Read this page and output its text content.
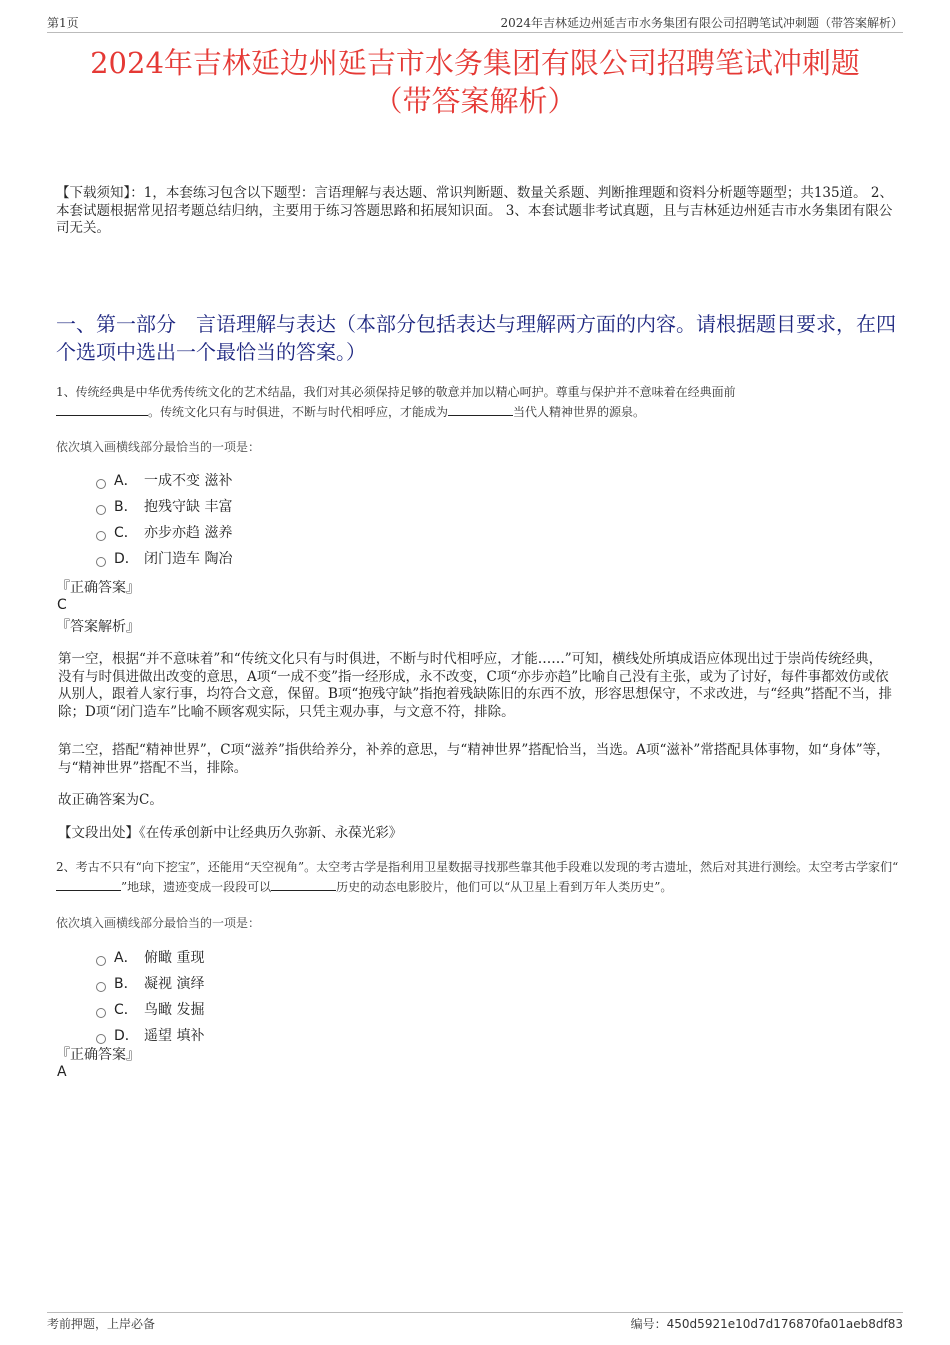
第1页	2024年吉林延边州延吉市水务集团有限公司招聘笔试冲刺题（带答案解析）
2024年吉林延边州延吉市水务集团有限公司招聘笔试冲刺题
（带答案解析）
【下载须知】：1，本套练习包含以下题型：言语理解与表达题、常识判断题、数量关系题、判断推理题和资料分析题等题型；共135道。 2、本套试题根据常见招考题总结归纳，主要用于练习答题思路和拓展知识面。 3、本套试题非考试真题，且与吉林延边州延吉市水务集团有限公司无关。
一、第一部分　言语理解与表达（本部分包括表达与理解两方面的内容。请根据题目要求，在四个选项中选出一个最恰当的答案。）
1、传统经典是中华优秀传统文化的艺术结晶，我们对其必须保持足够的敬意并加以精心呵护。尊重与保护并不意味着在经典面前
。传统文化只有与时俱进，不断与时代相呼应，才能成为	当代人精神世界的源泉。
依次填入画横线部分最恰当的一项是：
A． 一成不变 滋补
B． 抱残守缺 丰富
C． 亦步亦趋 滋养
D． 闭门造车 陶冶
『正确答案』
C
『答案解析』
第一空，根据“并不意味着”和“传统文化只有与时俱进，不断与时代相呼应，才能……”可知，横线处所填成语应体现出过于崇尚传统经典，没有与时俱进做出改变的意思，A项“一成不变”指一经形成，永不改变，C项“亦步亦趋”比喻自己没有主张，或为了讨好，每件事都效仿或依从别人，跟着人家行事，均符合文意，保留。B项“抱残守缺”指抱着残缺陈旧的东西不放，形容思想保守，不求改进，与“经典”搭配不当，排除；D项“闭门造车”比喻不顾客观实际，只凭主观办事，与文意不符，排除。
第二空，搭配“精神世界”，C项“滋养”指供给养分，补养的意思，与“精神世界”搭配恰当，当选。A项“滋补”常搭配具体事物，如“身体”等，与“精神世界”搭配不当，排除。
故正确答案为C。
【文段出处】《在传承创新中让经典历久弥新、永葆光彩》
2、考古不只有“向下挖宝”，还能用“天空视角”。太空考古学是指利用卫星数据寻找那些靠其他手段难以发现的考古遗址，然后对其进行测绘。太空考古学家们“”地球，遗迹变成一段段可以	历史的动态电影胶片，他们可以“从卫星上看到万年人类历史”。
依次填入画横线部分最恰当的一项是：
A． 俯瞰 重现
B． 凝视 演绎
C． 鸟瞰 发掘
D． 遥望 填补
『正确答案』
A
考前押题，上岸必备	编号：450d5921e10d7d176870fa01aeb8df83
